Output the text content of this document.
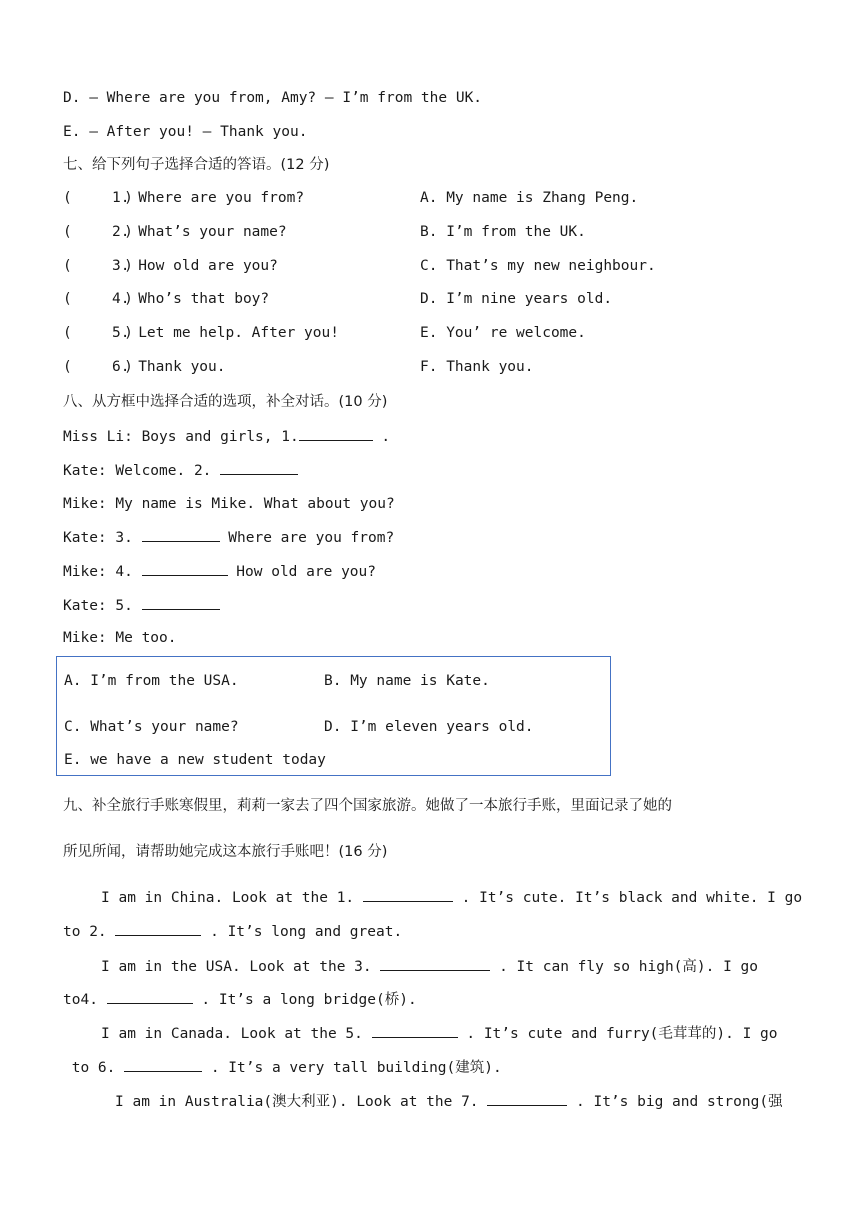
D. — Where are you from, Amy? — I’m from the UK.
E. — After you! — Thank you.
七、给下列句子选择合适的答语。(12 分)
(      )
1. Where are you from?	A. My name is Zhang Peng.
(      )
2. What’s your name?	B. I’m from the UK.
(      )
3. How old are you?	C. That’s my new neighbour.
(      )
4. Who’s that boy?	D. I’m nine years old.
(      )
5. Let me help. After you!	E. You’ re welcome.
(      )
6. Thank you.	F. Thank you.
八、从方框中选择合适的选项，补全对话。(10 分)
Miss Li: Boys and girls, 1.	.
Kate: Welcome. 2.
Mike: My name is Mike. What about you?
Kate: 3.	Where are you from?
Mike: 4.	How old are you?
Kate: 5.
Mike: Me too.
A. I’m from the USA.	B. My name is Kate.
C. What’s your name?	D. I’m eleven years old.
E. we have a new student today
九、补全旅行手账寒假里，莉莉一家去了四个国家旅游。她做了一本旅行手账，里面记录了她的
所见所闻，请帮助她完成这本旅行手账吧！(16 分)
I am in China. Look at the 1.	. It’s cute. It’s black and white. I go
to 2.	. It’s long and great.
I am in the USA. Look at the 3.	. It can fly so high(高). I go
to4.	. It’s a long bridge(桥).
I am in Canada. Look at the 5.	. It’s cute and furry(毛茸茸的). I go
to 6.	. It’s a very tall building(建筑).
I am in Australia(澳大利亚). Look at the 7.	. It’s big and strong(强
